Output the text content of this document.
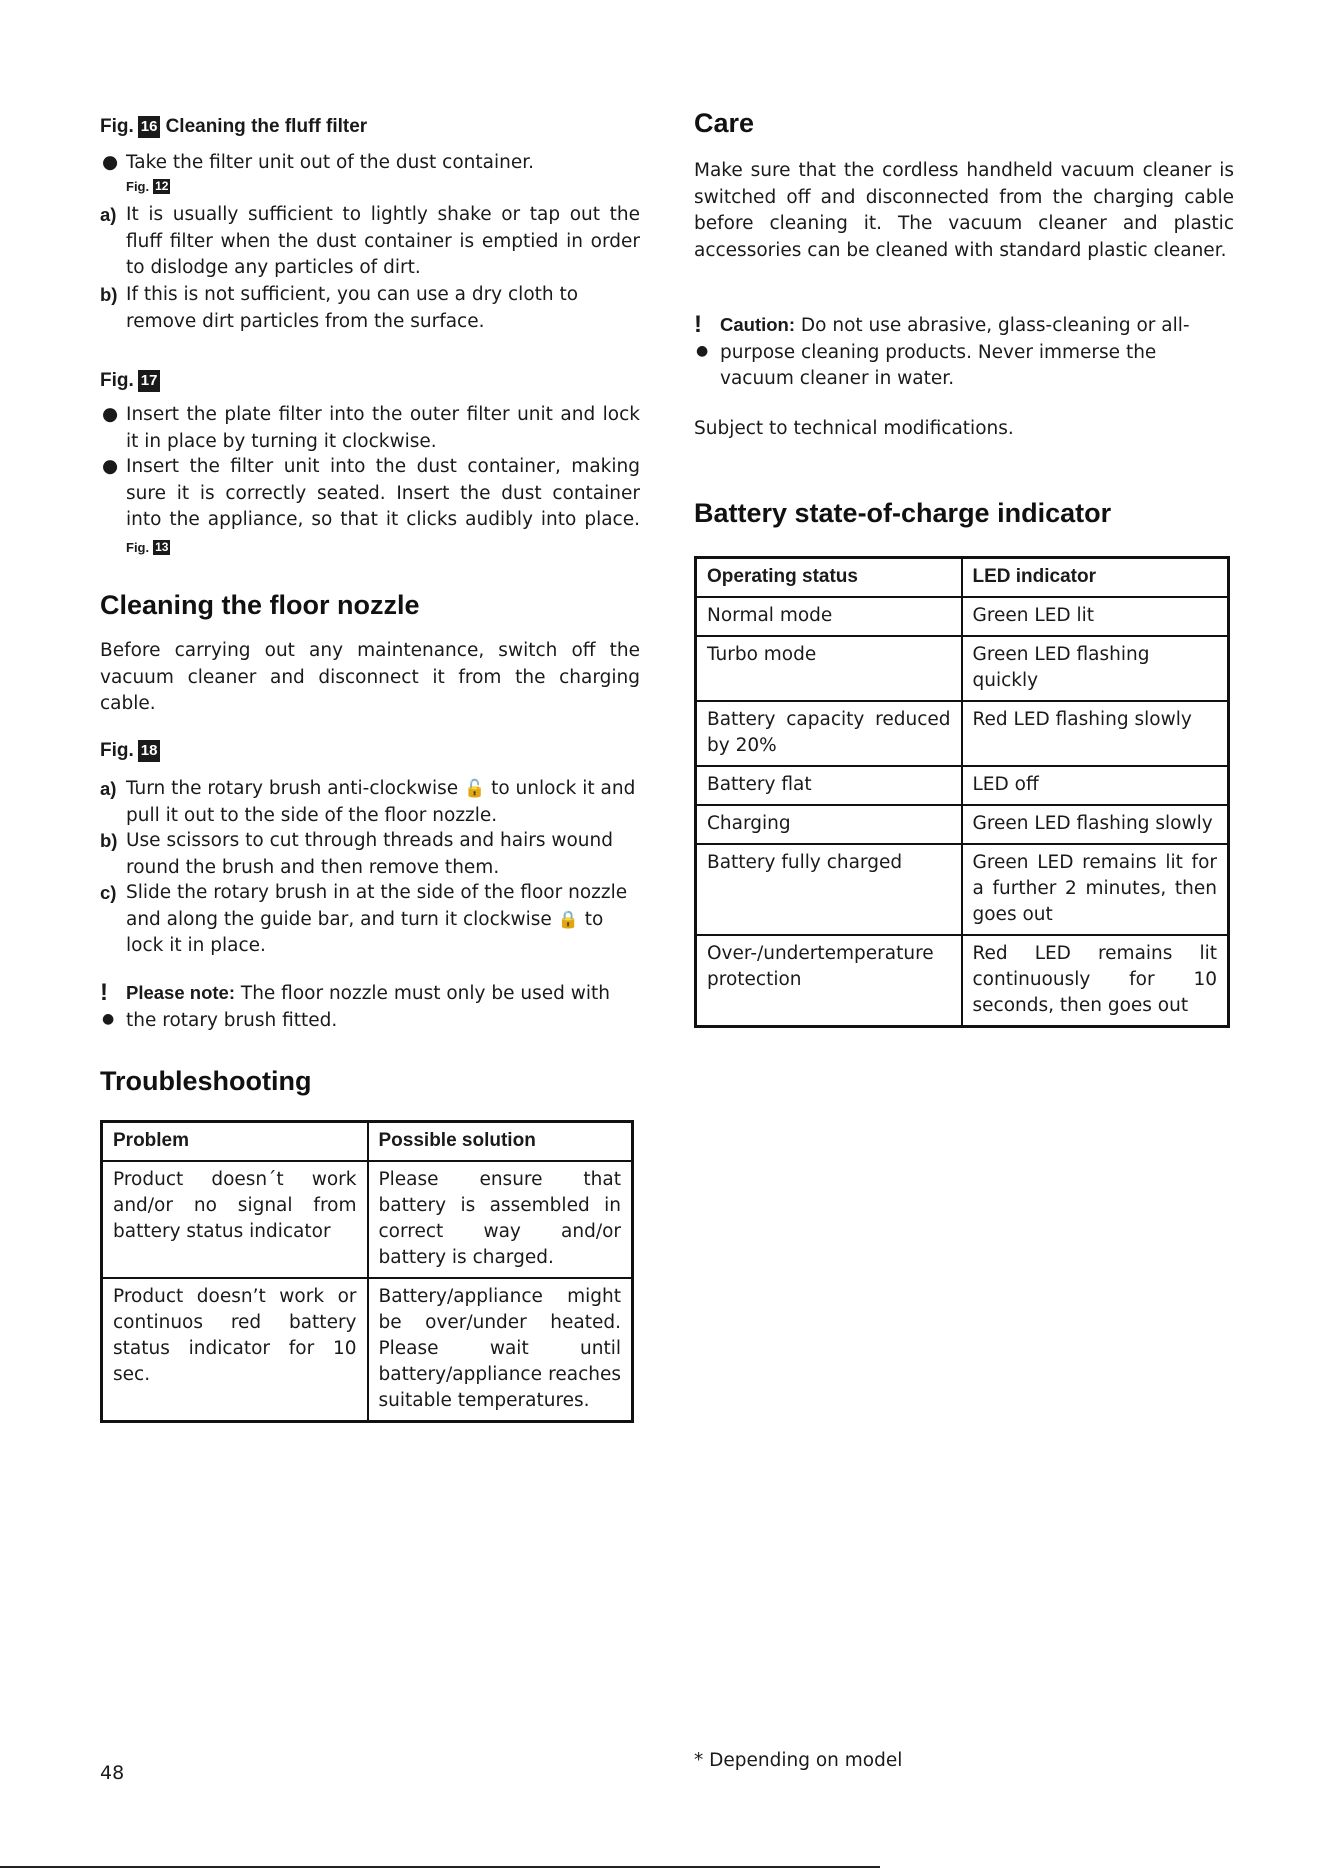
Fig. 16 Cleaning the fluff filter
● Take the filter unit out of the dust container.
Fig. 12
a) It is usually sufficient to lightly shake or tap out the fluff filter when the dust container is emptied in order to dislodge any particles of dirt.
b) If this is not sufficient, you can use a dry cloth to remove dirt particles from the surface.
Fig. 17
● Insert the plate filter into the outer filter unit and lock it in place by turning it clockwise.
● Insert the filter unit into the dust container, making sure it is correctly seated. Insert the dust container into the appliance, so that it clicks audibly into place. Fig. 13
Cleaning the floor nozzle
Before carrying out any maintenance, switch off the vacuum cleaner and disconnect it from the charging cable.
Fig. 18
a) Turn the rotary brush anti-clockwise 🔓 to unlock it and pull it out to the side of the floor nozzle.
b) Use scissors to cut through threads and hairs wound round the brush and then remove them.
c) Slide the rotary brush in at the side of the floor nozzle and along the guide bar, and turn it clockwise 🔒 to lock it in place.
!
●
Please note: The floor nozzle must only be used with the rotary brush fitted.
Troubleshooting
Problem	Possible solution
Product doesn´t work and/or no signal from battery status indicator	Please ensure that battery is assembled in correct way and/or battery is charged.
Product doesn’t work or continuos red battery status indicator for 10 sec.	Battery/appliance might be over/under heated. Please wait until battery/appliance reaches suitable temperatures.
Care
Make sure that the cordless handheld vacuum cleaner is switched off and disconnected from the charging cable before cleaning it. The vacuum cleaner and plastic accessories can be cleaned with standard plastic cleaner.
!
●
Caution: Do not use abrasive, glass-cleaning or all-purpose cleaning products. Never immerse the vacuum cleaner in water.
Subject to technical modifications.
Battery state-of-charge indicator
Operating status	LED indicator
Normal mode	Green LED lit
Turbo mode	Green LED flashing quickly
Battery capacity reduced by 20%	Red LED flashing slowly
Battery flat	LED off
Charging	Green LED flashing slowly
Battery fully charged	Green LED remains lit for a further 2 minutes, then goes out
Over-/undertemperature protection	Red LED remains lit continuously for 10 seconds, then goes out
48
* Depending on model
